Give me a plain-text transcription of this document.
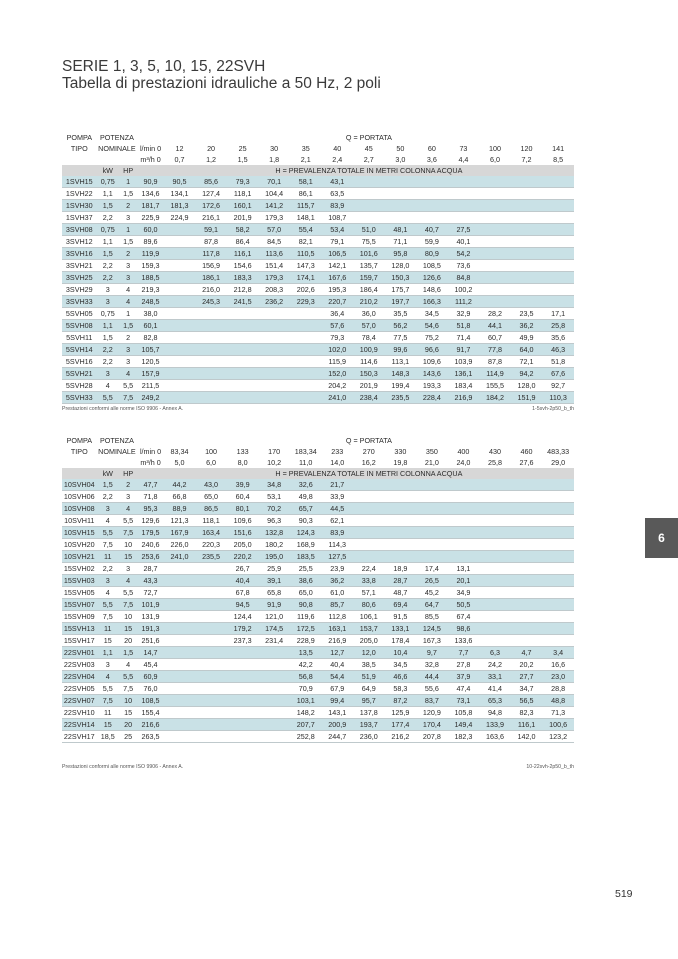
SERIE 1, 3, 5, 10, 15, 22SVH
Tabella di prestazioni idrauliche a 50 Hz, 2 poli
POMPA	POTENZA			Q = PORTATA												
TIPO	NOMINALE		l/min 0	12	20	25	30	35	40	45	50	60	73	100	120	141
			m³/h 0	0,7	1,2	1,5	1,8	2,1	2,4	2,7	3,0	3,6	4,4	6,0	7,2	8,5
	kW	HP		H = PREVALENZA TOTALE IN METRI COLONNA ACQUA												
1SVH15	0,75	1	90,9	90,5	85,6	79,3	70,1	58,1	43,1							
1SVH22	1,1	1,5	134,6	134,1	127,4	118,1	104,4	86,1	63,5							
1SVH30	1,5	2	181,7	181,3	172,6	160,1	141,2	115,7	83,9							
1SVH37	2,2	3	225,9	224,9	216,1	201,9	179,3	148,1	108,7							
3SVH08	0,75	1	60,0		59,1	58,2	57,0	55,4	53,4	51,0	48,1	40,7	27,5			
3SVH12	1,1	1,5	89,6		87,8	86,4	84,5	82,1	79,1	75,5	71,1	59,9	40,1			
3SVH16	1,5	2	119,9		117,8	116,1	113,6	110,5	106,5	101,6	95,8	80,9	54,2			
3SVH21	2,2	3	159,3		156,9	154,6	151,4	147,3	142,1	135,7	128,0	108,5	73,6			
3SVH25	2,2	3	188,5		186,1	183,3	179,3	174,1	167,6	159,7	150,3	126,6	84,8			
3SVH29	3	4	219,3		216,0	212,8	208,3	202,6	195,3	186,4	175,7	148,6	100,2			
3SVH33	3	4	248,5		245,3	241,5	236,2	229,3	220,7	210,2	197,7	166,3	111,2			
5SVH05	0,75	1	38,0						36,4	36,0	35,5	34,5	32,9	28,2	23,5	17,1
5SVH08	1,1	1,5	60,1						57,6	57,0	56,2	54,6	51,8	44,1	36,2	25,8
5SVH11	1,5	2	82,8						79,3	78,4	77,5	75,2	71,4	60,7	49,9	35,6
5SVH14	2,2	3	105,7						102,0	100,9	99,6	96,6	91,7	77,8	64,0	46,3
5SVH16	2,2	3	120,5						115,9	114,6	113,1	109,6	103,9	87,8	72,1	51,8
5SVH21	3	4	157,9						152,0	150,3	148,3	143,6	136,1	114,9	94,2	67,6
5SVH28	4	5,5	211,5						204,2	201,9	199,4	193,3	183,4	155,5	128,0	92,7
5SVH33	5,5	7,5	249,2						241,0	238,4	235,5	228,4	216,9	184,2	151,9	110,3
Prestazioni conformi alle norme ISO 9906 - Annex A.	1-5svh-2p50_b_th
POMPA	POTENZA			Q = PORTATA												
TIPO	NOMINALE		l/min 0	83,34	100	133	170	183,34	233	270	330	350	400	430	460	483,33
			m³/h 0	5,0	6,0	8,0	10,2	11,0	14,0	16,2	19,8	21,0	24,0	25,8	27,6	29,0
	kW	HP		H = PREVALENZA TOTALE IN METRI COLONNA ACQUA												
10SVH04	1,5	2	47,7	44,2	43,0	39,9	34,8	32,6	21,7							
10SVH06	2,2	3	71,8	66,8	65,0	60,4	53,1	49,8	33,9							
10SVH08	3	4	95,3	88,9	86,5	80,1	70,2	65,7	44,5							
10SVH11	4	5,5	129,6	121,3	118,1	109,6	96,3	90,3	62,1							
10SVH15	5,5	7,5	179,5	167,9	163,4	151,6	132,8	124,3	83,9							
10SVH20	7,5	10	240,6	226,0	220,3	205,0	180,2	168,9	114,3							
10SVH21	11	15	253,6	241,0	235,5	220,2	195,0	183,5	127,5							
15SVH02	2,2	3	28,7			26,7	25,9	25,5	23,9	22,4	18,9	17,4	13,1			
15SVH03	3	4	43,3			40,4	39,1	38,6	36,2	33,8	28,7	26,5	20,1			
15SVH05	4	5,5	72,7			67,8	65,8	65,0	61,0	57,1	48,7	45,2	34,9			
15SVH07	5,5	7,5	101,9			94,5	91,9	90,8	85,7	80,6	69,4	64,7	50,5			
15SVH09	7,5	10	131,9			124,4	121,0	119,6	112,8	106,1	91,5	85,5	67,4			
15SVH13	11	15	191,3			179,2	174,5	172,5	163,1	153,7	133,1	124,5	98,6			
15SVH17	15	20	251,6			237,3	231,4	228,9	216,9	205,0	178,4	167,3	133,6			
22SVH01	1,1	1,5	14,7					13,5	12,7	12,0	10,4	9,7	7,7	6,3	4,7	3,4
22SVH03	3	4	45,4					42,2	40,4	38,5	34,5	32,8	27,8	24,2	20,2	16,6
22SVH04	4	5,5	60,9					56,8	54,4	51,9	46,6	44,4	37,9	33,1	27,7	23,0
22SVH05	5,5	7,5	76,0					70,9	67,9	64,9	58,3	55,6	47,4	41,4	34,7	28,8
22SVH07	7,5	10	108,5					103,1	99,4	95,7	87,2	83,7	73,1	65,3	56,5	48,8
22SVH10	11	15	155,4					148,2	143,1	137,8	125,9	120,9	105,8	94,8	82,3	71,3
22SVH14	15	20	216,6					207,7	200,9	193,7	177,4	170,4	149,4	133,9	116,1	100,6
22SVH17	18,5	25	263,5					252,8	244,7	236,0	216,2	207,8	182,3	163,6	142,0	123,2
Prestazioni conformi alle norme ISO 9906 - Annex A.	10-22svh-2p50_b_th
6
519
